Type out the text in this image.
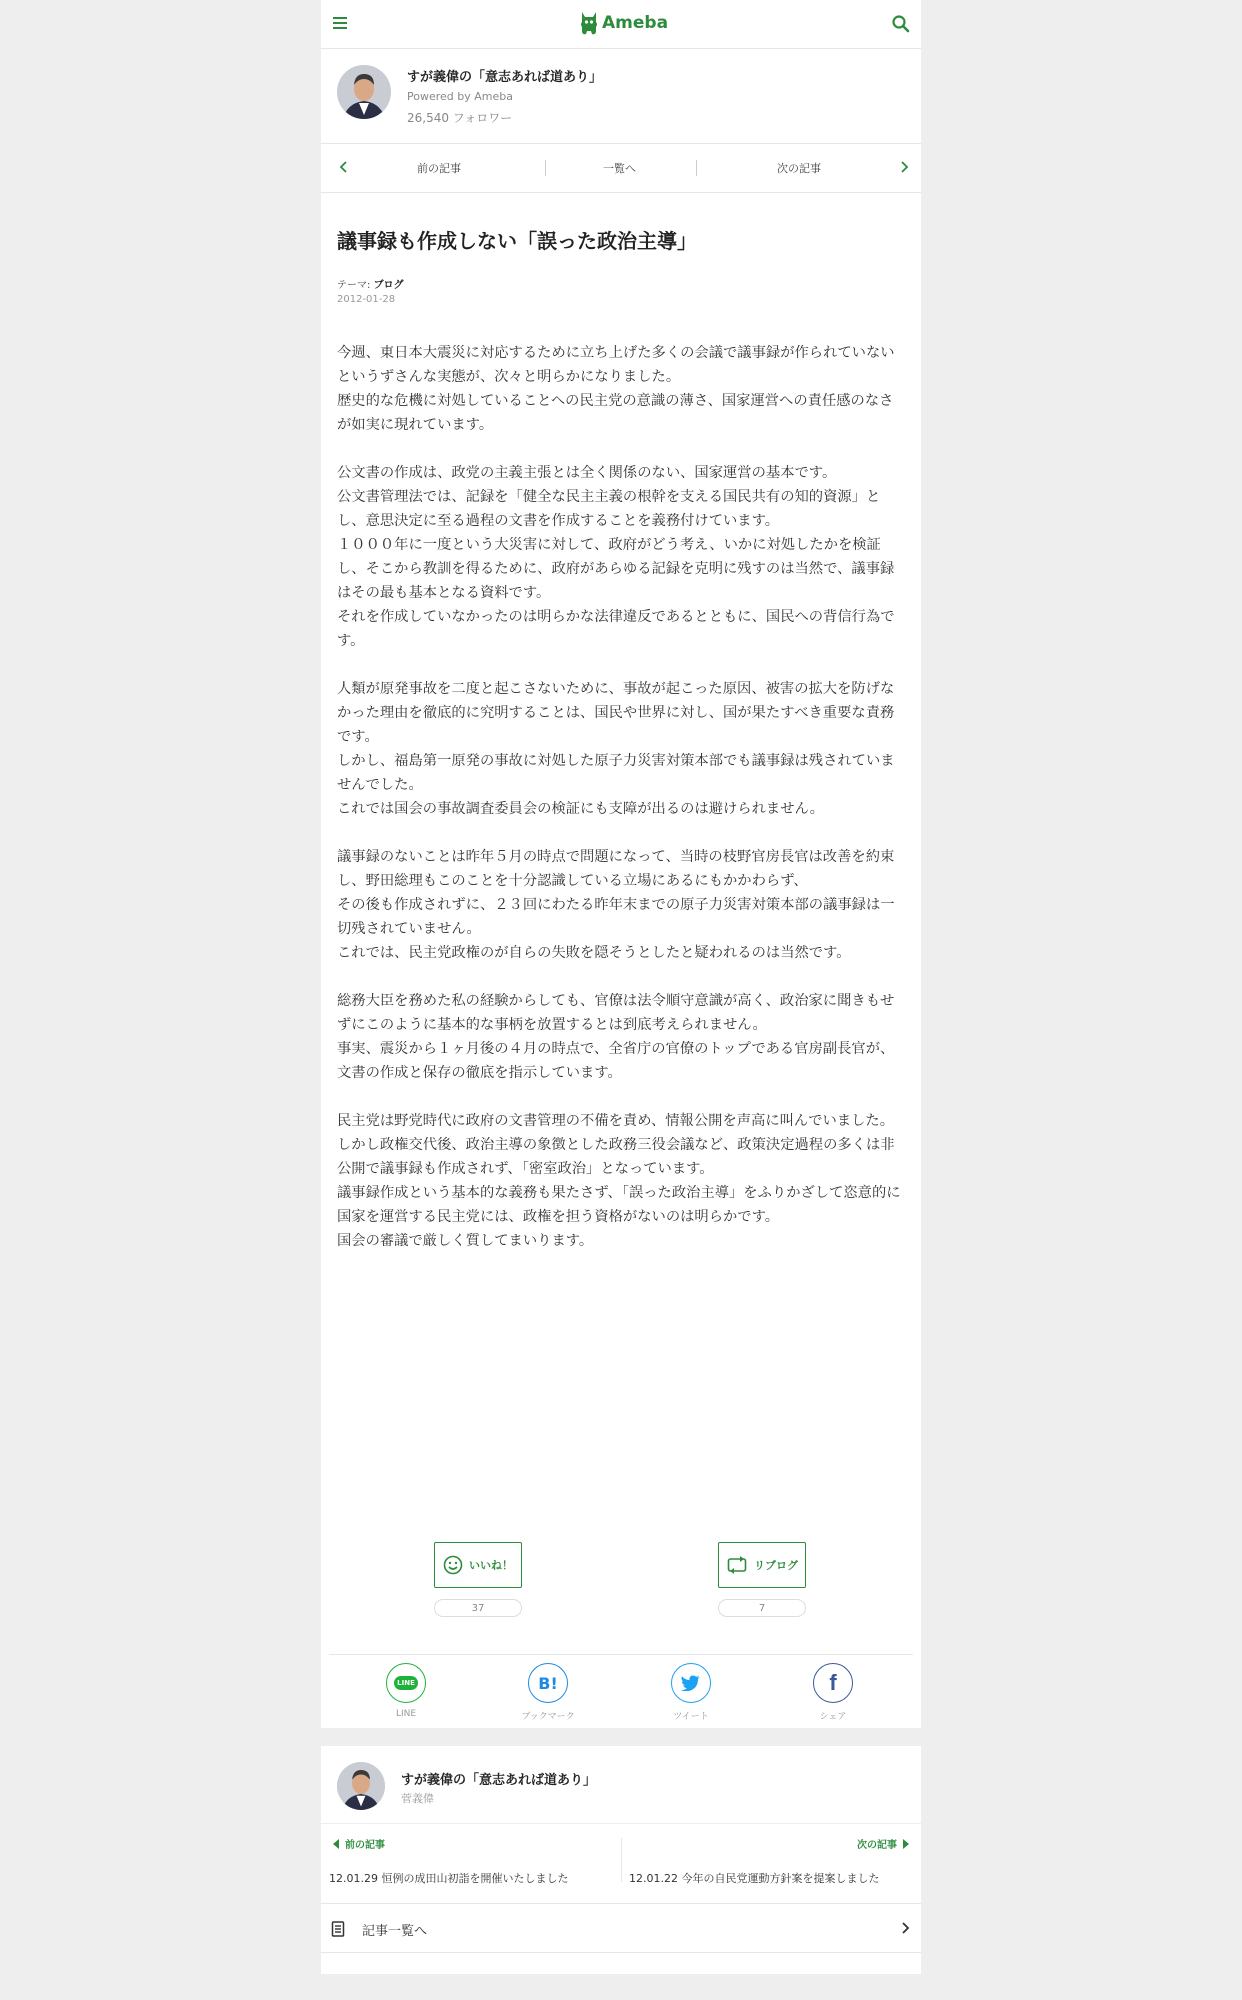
Ameba
すが義偉の「意志あれば道あり」
Powered by Ameba
26,540 フォロワー
前の記事	一覧へ	次の記事
議事録も作成しない「誤った政治主導」
テーマ: ブログ
2012-01-28

今週、東日本大震災に対応するために立ち上げた多くの会議で議事録が作られていないというずさんな実態が、次々と明らかになりました。
歴史的な危機に対処していることへの民主党の意識の薄さ、国家運営への責任感のなさが如実に現れています。

公文書の作成は、政党の主義主張とは全く関係のない、国家運営の基本です。
公文書管理法では、記録を「健全な民主主義の根幹を支える国民共有の知的資源」とし、意思決定に至る過程の文書を作成することを義務付けています。
１０００年に一度という大災害に対して、政府がどう考え、いかに対処したかを検証し、そこから教訓を得るために、政府があらゆる記録を克明に残すのは当然で、議事録はその最も基本となる資料です。
それを作成していなかったのは明らかな法律違反であるとともに、国民への背信行為です。

人類が原発事故を二度と起こさないために、事故が起こった原因、被害の拡大を防げなかった理由を徹底的に究明することは、国民や世界に対し、国が果たすべき重要な責務です。
しかし、福島第一原発の事故に対処した原子力災害対策本部でも議事録は残されていませんでした。
これでは国会の事故調査委員会の検証にも支障が出るのは避けられません。

議事録のないことは昨年５月の時点で問題になって、当時の枝野官房長官は改善を約束し、野田総理もこのことを十分認識している立場にあるにもかかわらず、
その後も作成されずに、２３回にわたる昨年末までの原子力災害対策本部の議事録は一切残されていません。
これでは、民主党政権のが自らの失敗を隠そうとしたと疑われるのは当然です。

総務大臣を務めた私の経験からしても、官僚は法令順守意識が高く、政治家に聞きもせずにこのように基本的な事柄を放置するとは到底考えられません。
事実、震災から１ヶ月後の４月の時点で、全省庁の官僚のトップである官房副長官が、文書の作成と保存の徹底を指示しています。

民主党は野党時代に政府の文書管理の不備を責め、情報公開を声高に叫んでいました。
しかし政権交代後、政治主導の象徴とした政務三役会議など、政策決定過程の多くは非公開で議事録も作成されず、「密室政治」となっています。
議事録作成という基本的な義務も果たさず、「誤った政治主導」をふりかざして恣意的に国家を運営する民主党には、政権を担う資格がないのは明らかです。
国会の審議で厳しく質してまいります。

いいね！
37
リブログ
7
LINE
LINE
B!
ブックマーク	ツイート
f
シェア
すが義偉の「意志あれば道あり」
菅義偉
前の記事	次の記事
12.01.29 恒例の成田山初詣を開催いたしました	12.01.22 今年の自民党運動方針案を提案しました
記事一覧へ
